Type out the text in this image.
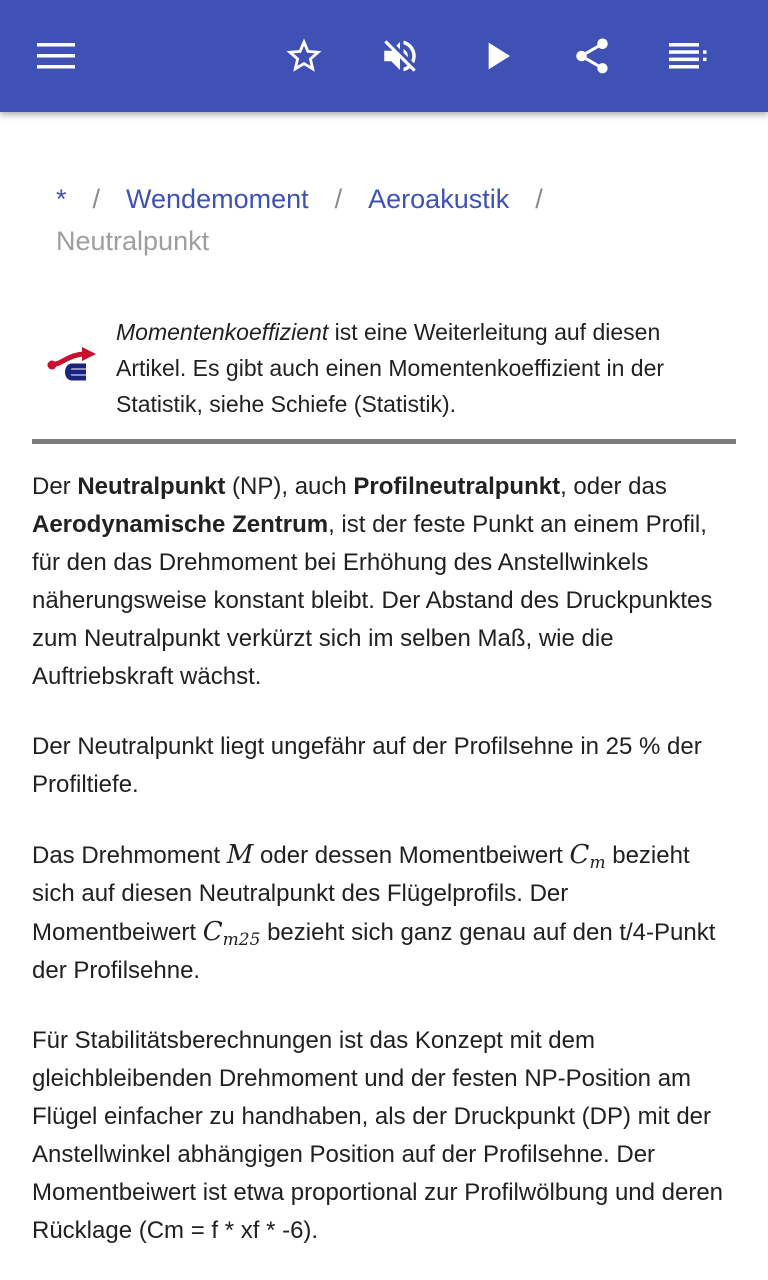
* / Wendemoment / Aeroakustik /
Neutralpunkt
Momentenkoeffizient ist eine Weiterleitung auf diesen Artikel. Es gibt auch einen Momentenkoeffizient in der Statistik, siehe Schiefe (Statistik).

Der Neutralpunkt (NP), auch Profilneutralpunkt, oder das Aerodynamische Zentrum, ist der feste Punkt an einem Profil, für den das Drehmoment bei Erhöhung des Anstellwinkels näherungsweise konstant bleibt. Der Abstand des Druckpunktes zum Neutralpunkt verkürzt sich im selben Maß, wie die Auftriebskraft wächst.

Der Neutralpunkt liegt ungefähr auf der Profilsehne in 25 % der Profiltiefe.

Das Drehmoment M oder dessen Momentbeiwert $C_m$ bezieht sich auf diesen Neutralpunkt des Flügelprofils. Der Momentbeiwert $C_{m25}$ bezieht sich ganz genau auf den t/4-Punkt der Profilsehne.

Für Stabilitätsberechnungen ist das Konzept mit dem gleichbleibenden Drehmoment und der festen NP-Position am Flügel einfacher zu handhaben, als der Druckpunkt (DP) mit der Anstellwinkel abhängigen Position auf der Profilsehne. Der Momentbeiwert ist etwa proportional zur Profilwölbung und deren Rücklage (Cm = f * xf * -6).
